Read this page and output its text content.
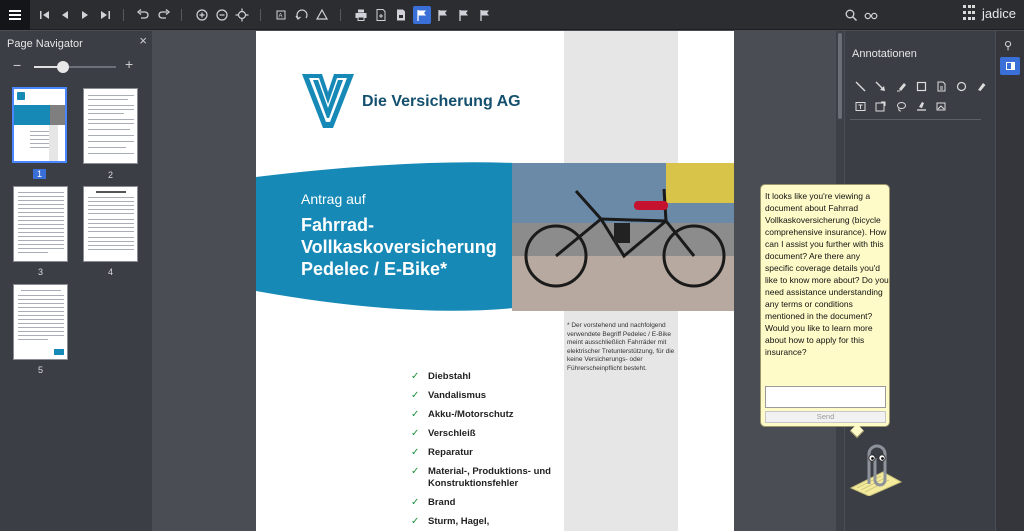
A	jadice
Page Navigator	×
−	+
1	2
3	4
5
Die Versicherung AG
Antrag auf
Fahrrad-
Vollkaskoversicherung
Pedelec / E-Bike*
* Der vorstehend und nachfolgend verwendete Begriff Pedelec / E-Bike meint ausschließlich Fahrräder mit elektrischer Tretunterstützung, für die keine Versicherungs- oder Führerscheinpflicht besteht.
✓ Diebstahl
✓ Vandalismus
✓ Akku-/Motorschutz
✓ Verschleiß
✓ Reparatur
✓ Material-, Produktions- und Konstruktionsfehler
✓ Brand
✓ Sturm, Hagel,
Annotationen
⚲
It looks like you're viewing a document about Fahrrad Vollkaskoversicherung (bicycle comprehensive insurance). How can I assist you further with this document? Are there any specific coverage details you'd like to know more about? Do you need assistance understanding any terms or conditions mentioned in the document? Would you like to learn more about how to apply for this insurance?
Send
